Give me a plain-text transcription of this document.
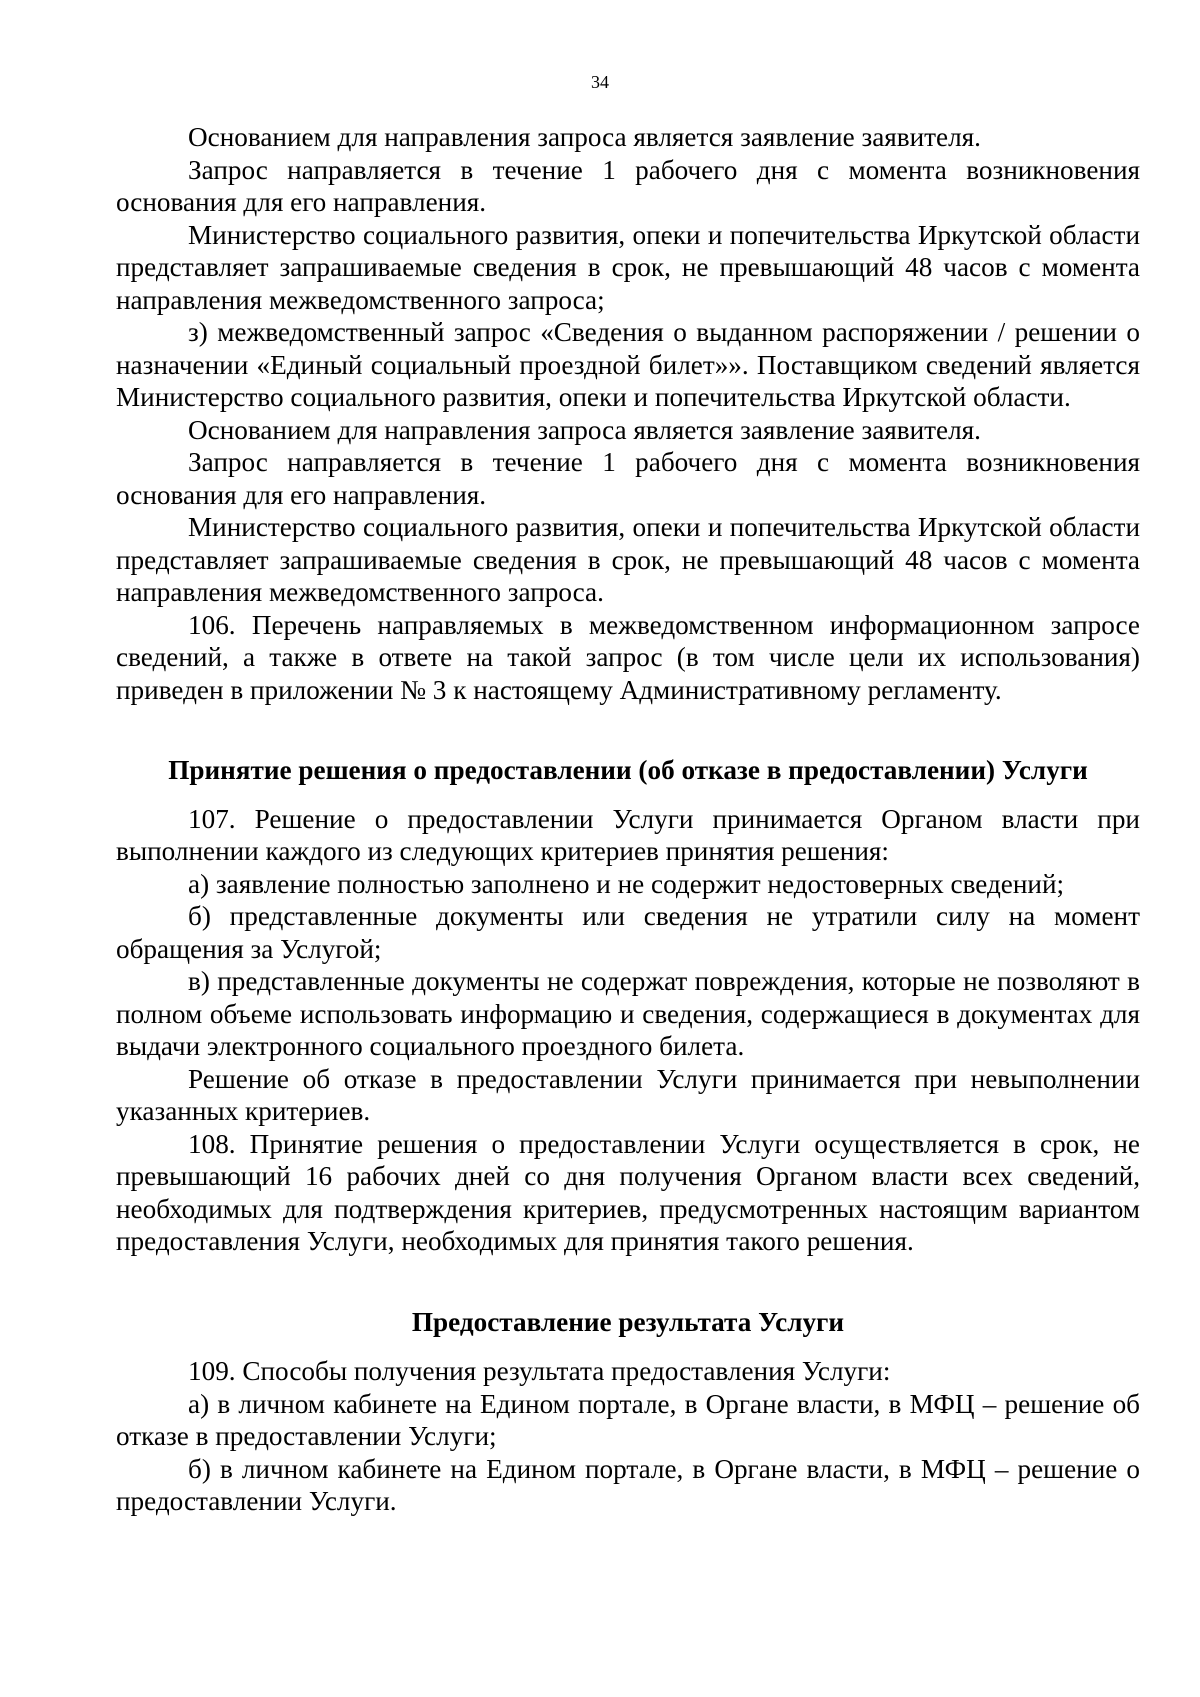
34

Основанием для направления запроса является заявление заявителя.

Запрос направляется в течение 1 рабочего дня с момента возникновения основания для его направления.

Министерство социального развития, опеки и попечительства Иркутской области представляет запрашиваемые сведения в срок, не превышающий 48 часов с момента направления межведомственного запроса;

з) межведомственный запрос «Сведения о выданном распоряжении / решении о назначении «Единый социальный проездной билет»». Поставщиком сведений является Министерство социального развития, опеки и попечительства Иркутской области.

Основанием для направления запроса является заявление заявителя.

Запрос направляется в течение 1 рабочего дня с момента возникновения основания для его направления.

Министерство социального развития, опеки и попечительства Иркутской области представляет запрашиваемые сведения в срок, не превышающий 48 часов с момента направления межведомственного запроса.

106. Перечень направляемых в межведомственном информационном запросе сведений, а также в ответе на такой запрос (в том числе цели их использования) приведен в приложении № 3 к настоящему Административному регламенту.

Принятие решения о предоставлении (об отказе в предоставлении) Услуги

107. Решение о предоставлении Услуги принимается Органом власти при выполнении каждого из следующих критериев принятия решения:

а) заявление полностью заполнено и не содержит недостоверных сведений;

б) представленные документы или сведения не утратили силу на момент обращения за Услугой;

в) представленные документы не содержат повреждения, которые не позволяют в полном объеме использовать информацию и сведения, содержащиеся в документах для выдачи электронного социального проездного билета.

Решение об отказе в предоставлении Услуги принимается при невыполнении указанных критериев.

108. Принятие решения о предоставлении Услуги осуществляется в срок, не превышающий 16 рабочих дней со дня получения Органом власти всех сведений, необходимых для подтверждения критериев, предусмотренных настоящим вариантом предоставления Услуги, необходимых для принятия такого решения.

Предоставление результата Услуги

109. Способы получения результата предоставления Услуги:

а) в личном кабинете на Едином портале, в Органе власти, в МФЦ – решение об отказе в предоставлении Услуги;

б) в личном кабинете на Едином портале, в Органе власти, в МФЦ – решение о предоставлении Услуги.
